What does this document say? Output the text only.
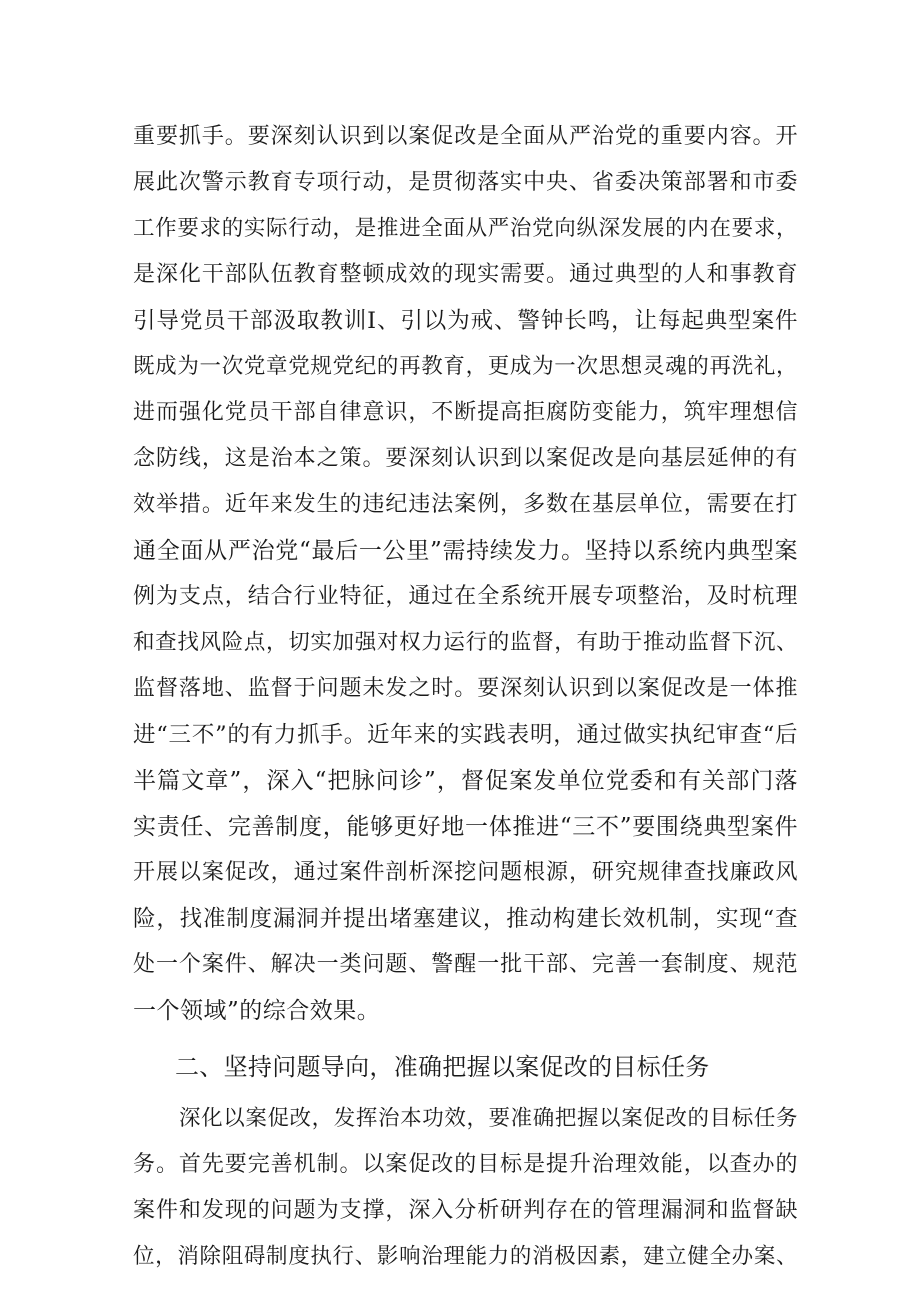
重要抓手。要深刻认识到以案促改是全面从严治党的重要内容。开
展此次警示教育专项行动，是贯彻落实中央、省委决策部署和市委
工作要求的实际行动，是推进全面从严治党向纵深发展的内在要求，
是深化干部队伍教育整顿成效的现实需要。通过典型的人和事教育
引导党员干部汲取教训I、引以为戒、警钟长鸣，让每起典型案件
既成为一次党章党规党纪的再教育，更成为一次思想灵魂的再洗礼，
进而强化党员干部自律意识，不断提高拒腐防变能力，筑牢理想信
念防线，这是治本之策。要深刻认识到以案促改是向基层延伸的有
效举措。近年来发生的违纪违法案例，多数在基层单位，需要在打
通全面从严治党“最后一公里”需持续发力。坚持以系统内典型案
例为支点，结合行业特征，通过在全系统开展专项整治，及时杭理
和查找风险点，切实加强对权力运行的监督，有助于推动监督下沉、
监督落地、监督于问题未发之时。要深刻认识到以案促改是一体推
进“三不”的有力抓手。近年来的实践表明，通过做实执纪审查“后
半篇文章”，深入“把脉问诊”，督促案发单位党委和有关部门落
实责任、完善制度，能够更好地一体推进“三不”要围绕典型案件
开展以案促改，通过案件剖析深挖问题根源，研究规律查找廉政风
险，找准制度漏洞并提出堵塞建议，推动构建长效机制，实现“查
处一个案件、解决一类问题、警醒一批干部、完善一套制度、规范
一个领域”的综合效果。
二、坚持问题导向，准确把握以案促改的目标任务
深化以案促改，发挥治本功效，要准确把握以案促改的目标任务
务。首先要完善机制。以案促改的目标是提升治理效能，以查办的
案件和发现的问题为支撑，深入分析研判存在的管理漏洞和监督缺
位，消除阻碍制度执行、影响治理能力的消极因素，建立健全办案、
